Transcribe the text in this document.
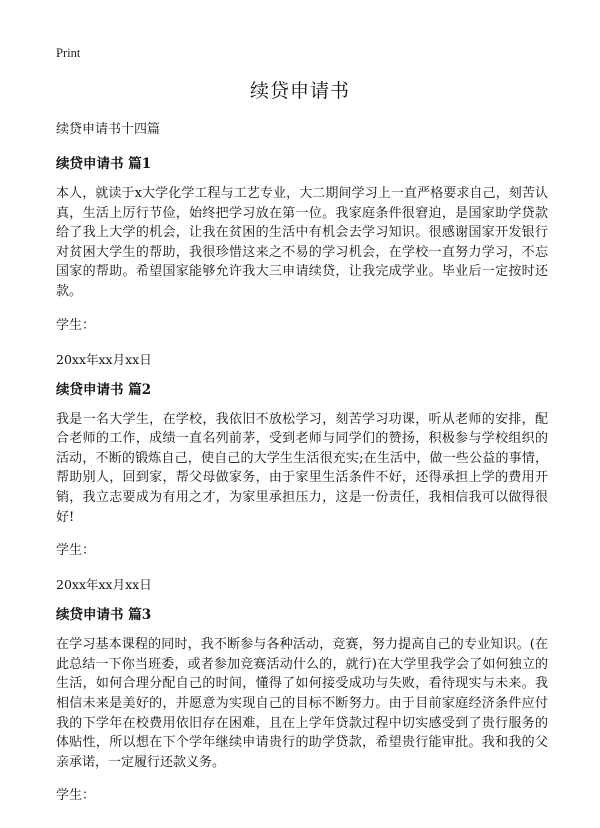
Print
续贷申请书

续贷申请书十四篇

续贷申请书 篇1

本人，就读于x大学化学工程与工艺专业，大二期间学习上一直严格要求自己，刻苦认真，生活上厉行节俭，始终把学习放在第一位。我家庭条件很窘迫，是国家助学贷款给了我上大学的机会，让我在贫困的生活中有机会去学习知识。很感谢国家开发银行对贫困大学生的帮助，我很珍惜这来之不易的学习机会，在学校一直努力学习，不忘国家的帮助。希望国家能够允许我大三申请续贷，让我完成学业。毕业后一定按时还款。

学生：

20xx年xx月xx日

续贷申请书 篇2

我是一名大学生，在学校，我依旧不放松学习，刻苦学习功课，听从老师的安排，配合老师的工作，成绩一直名列前茅，受到老师与同学们的赞扬，积极参与学校组织的活动，不断的锻炼自己，使自己的大学生生活很充实;在生活中，做一些公益的事情，帮助别人，回到家，帮父母做家务，由于家里生活条件不好，还得承担上学的费用开销，我立志要成为有用之才，为家里承担压力，这是一份责任，我相信我可以做得很好!

学生：

20xx年xx月xx日

续贷申请书 篇3

在学习基本课程的同时，我不断参与各种活动，竞赛，努力提高自己的专业知识。(在此总结一下你当班委，或者参加竞赛活动什么的，就行)在大学里我学会了如何独立的生活，如何合理分配自己的时间，懂得了如何接受成功与失败，看待现实与未来。我相信未来是美好的，并愿意为实现自己的目标不断努力。由于目前家庭经济条件应付我的下学年在校费用依旧存在困难，且在上学年贷款过程中切实感受到了贵行服务的体贴性，所以想在下个学年继续申请贵行的助学贷款，希望贵行能审批。我和我的父亲承诺，一定履行还款义务。

学生：
